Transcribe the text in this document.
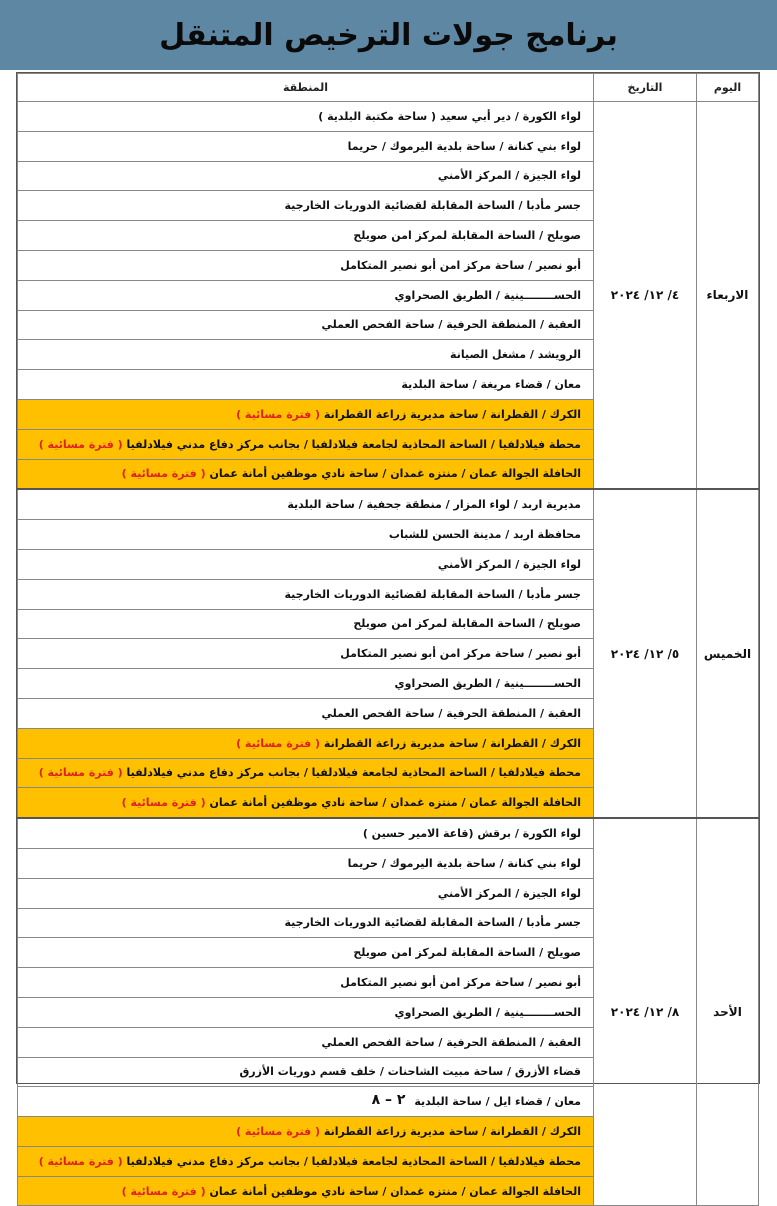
برنامج جولات الترخيص المتنقل
اليوم	التاريخ	المنطقة
الاربعاء	٤/ ١٢/ ٢٠٢٤	لواء الكورة / دير أبي سعيد ( ساحة مكتبة البلدية )
		لواء بني كنانة / ساحة بلدية اليرموك / حريما
		لواء الجيزة / المركز الأمني
		جسر مأدبا / الساحة المقابلة لقضائية الدوريات الخارجية
		صويلح / الساحة المقابلة لمركز امن صويلح
		أبو نصير / ساحة مركز امن أبو نصير المتكامل
		الحســــــــينية / الطريق الصحراوي
		العقبة / المنطقة الحرفية / ساحة الفحص العملي
		الرويشد / مشغل الصيانة
		معان / قضاء مريغة / ساحة البلدية
		الكرك / القطرانة / ساحة مديرية زراعة القطرانة ( فترة مسائية )
		محطة فيلادلفيا / الساحة المحاذية لجامعة فيلادلفيا / بجانب مركز دفاع مدني فيلادلفيا ( فترة مسائية )
		الحافلة الجوالة عمان / منتزه غمدان / ساحة نادي موظفين أمانة عمان ( فترة مسائية )
الخميس	٥/ ١٢/ ٢٠٢٤	مديرية اربد / لواء المزار / منطقة جحفية / ساحة البلدية
		محافظة اربد / مدينة الحسن للشباب
		لواء الجيزة / المركز الأمني
		جسر مأدبا / الساحة المقابلة لقضائية الدوريات الخارجية
		صويلح / الساحة المقابلة لمركز امن صويلح
		أبو نصير / ساحة مركز امن أبو نصير المتكامل
		الحســــــــينية / الطريق الصحراوي
		العقبة / المنطقة الحرفية / ساحة الفحص العملي
		الكرك / القطرانة / ساحة مديرية زراعة القطرانة ( فترة مسائية )
		محطة فيلادلفيا / الساحة المحاذية لجامعة فيلادلفيا / بجانب مركز دفاع مدني فيلادلفيا ( فترة مسائية )
		الحافلة الجوالة عمان / منتزه غمدان / ساحة نادي موظفين أمانة عمان ( فترة مسائية )
الأحد	٨/ ١٢/ ٢٠٢٤	لواء الكورة / برقش (قاعة الامير حسين )
		لواء بني كنانة / ساحة بلدية اليرموك / حريما
		لواء الجيزة / المركز الأمني
		جسر مأدبا / الساحة المقابلة لقضائية الدوريات الخارجية
		صويلح / الساحة المقابلة لمركز امن صويلح
		أبو نصير / ساحة مركز امن أبو نصير المتكامل
		الحســــــــينية / الطريق الصحراوي
		العقبة / المنطقة الحرفية / ساحة الفحص العملي
		قضاء الأزرق / ساحة مبيت الشاحنات / خلف قسم دوريات الأزرق
		معان / قضاء ايل / ساحة البلدية
		الكرك / القطرانة / ساحة مديرية زراعة القطرانة ( فترة مسائية )
		محطة فيلادلفيا / الساحة المحاذية لجامعة فيلادلفيا / بجانب مركز دفاع مدني فيلادلفيا ( فترة مسائية )
		الحافلة الجوالة عمان / منتزه غمدان / ساحة نادي موظفين أمانة عمان ( فترة مسائية )
٢ – ٨
